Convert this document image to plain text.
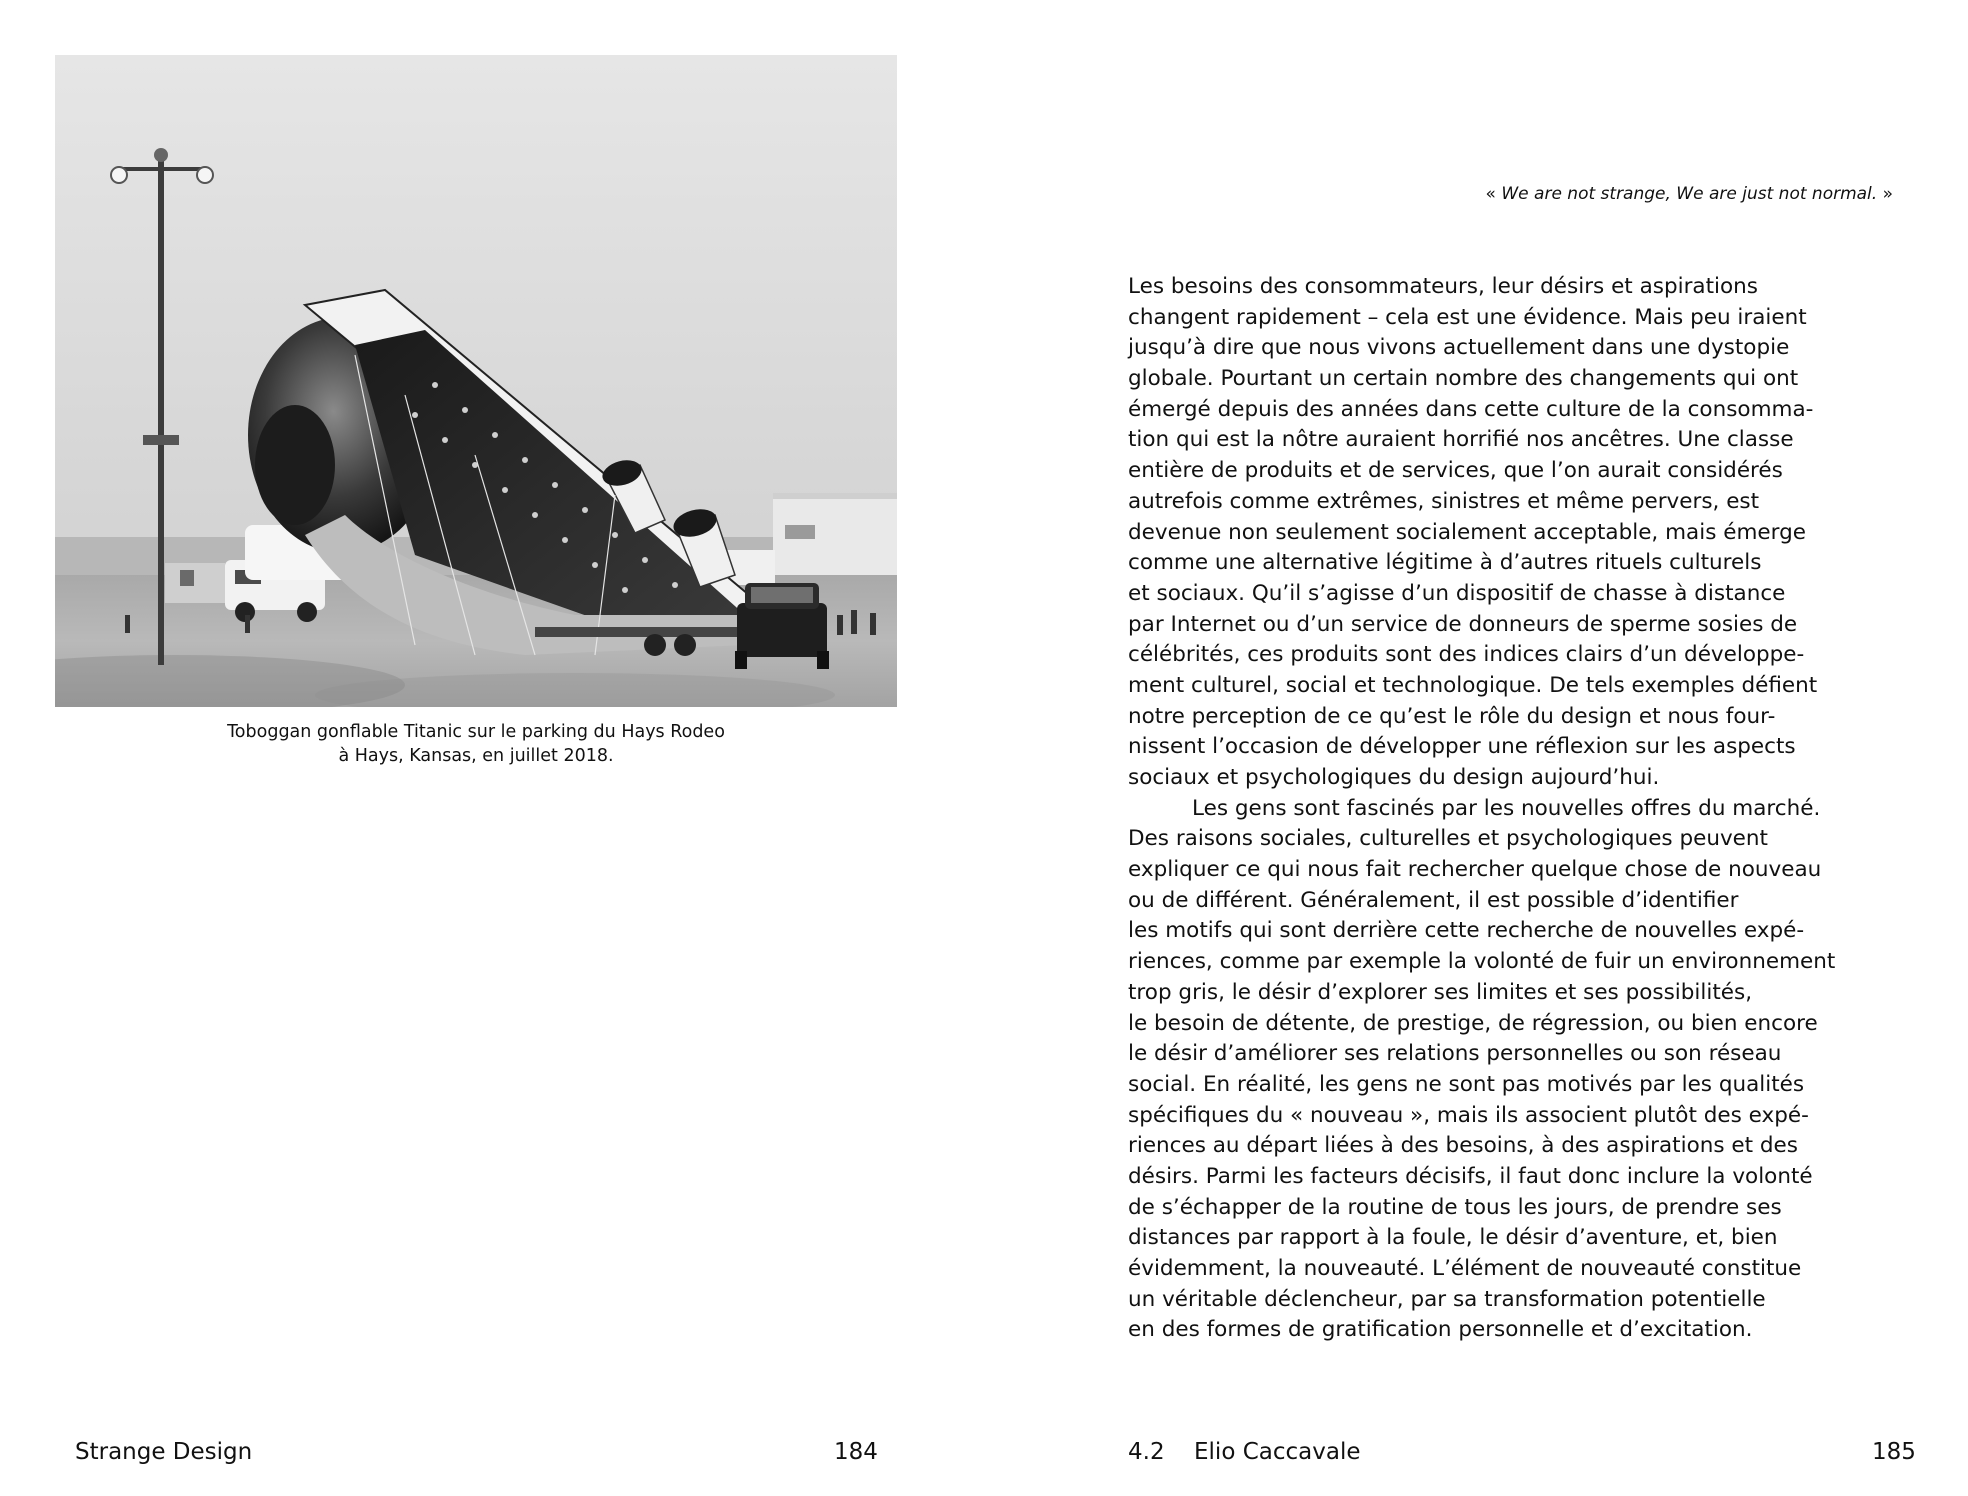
Toboggan gonflable Titanic sur le parking du Hays Rodeo
à Hays, Kansas, en juillet 2018.
Strange Design	184
« We are not strange, We are just not normal. »
Les besoins des consommateurs, leur désirs et aspirations
changent rapidement – cela est une évidence. Mais peu iraient
jusqu’à dire que nous vivons actuellement dans une dystopie
globale. Pourtant un certain nombre des changements qui ont
émergé depuis des années dans cette culture de la consomma-
tion qui est la nôtre auraient horrifié nos ancêtres. Une classe
entière de produits et de services, que l’on aurait considérés
autrefois comme extrêmes, sinistres et même pervers, est
devenue non seulement socialement acceptable, mais émerge
comme une alternative légitime à d’autres rituels culturels
et sociaux. Qu’il s’agisse d’un dispositif de chasse à distance
par Internet ou d’un service de donneurs de sperme sosies de
célébrités, ces produits sont des indices clairs d’un développe-
ment culturel, social et technologique. De tels exemples défient
notre perception de ce qu’est le rôle du design et nous four-
nissent l’occasion de développer une réflexion sur les aspects
sociaux et psychologiques du design aujourd’hui.
Les gens sont fascinés par les nouvelles offres du marché.
Des raisons sociales, culturelles et psychologiques peuvent
expliquer ce qui nous fait rechercher quelque chose de nouveau
ou de différent. Généralement, il est possible d’identifier
les motifs qui sont derrière cette recherche de nouvelles expé-
riences, comme par exemple la volonté de fuir un environnement
trop gris, le désir d’explorer ses limites et ses possibilités,
le besoin de détente, de prestige, de régression, ou bien encore
le désir d’améliorer ses relations personnelles ou son réseau
social. En réalité, les gens ne sont pas motivés par les qualités
spécifiques du « nouveau », mais ils associent plutôt des expé-
riences au départ liées à des besoins, à des aspirations et des
désirs. Parmi les facteurs décisifs, il faut donc inclure la volonté
de s’échapper de la routine de tous les jours, de prendre ses
distances par rapport à la foule, le désir d’aventure, et, bien
évidemment, la nouveauté. L’élément de nouveauté constitue
un véritable déclencheur, par sa transformation potentielle
en des formes de gratification personnelle et d’excitation.
4.2 Elio Caccavale	185
